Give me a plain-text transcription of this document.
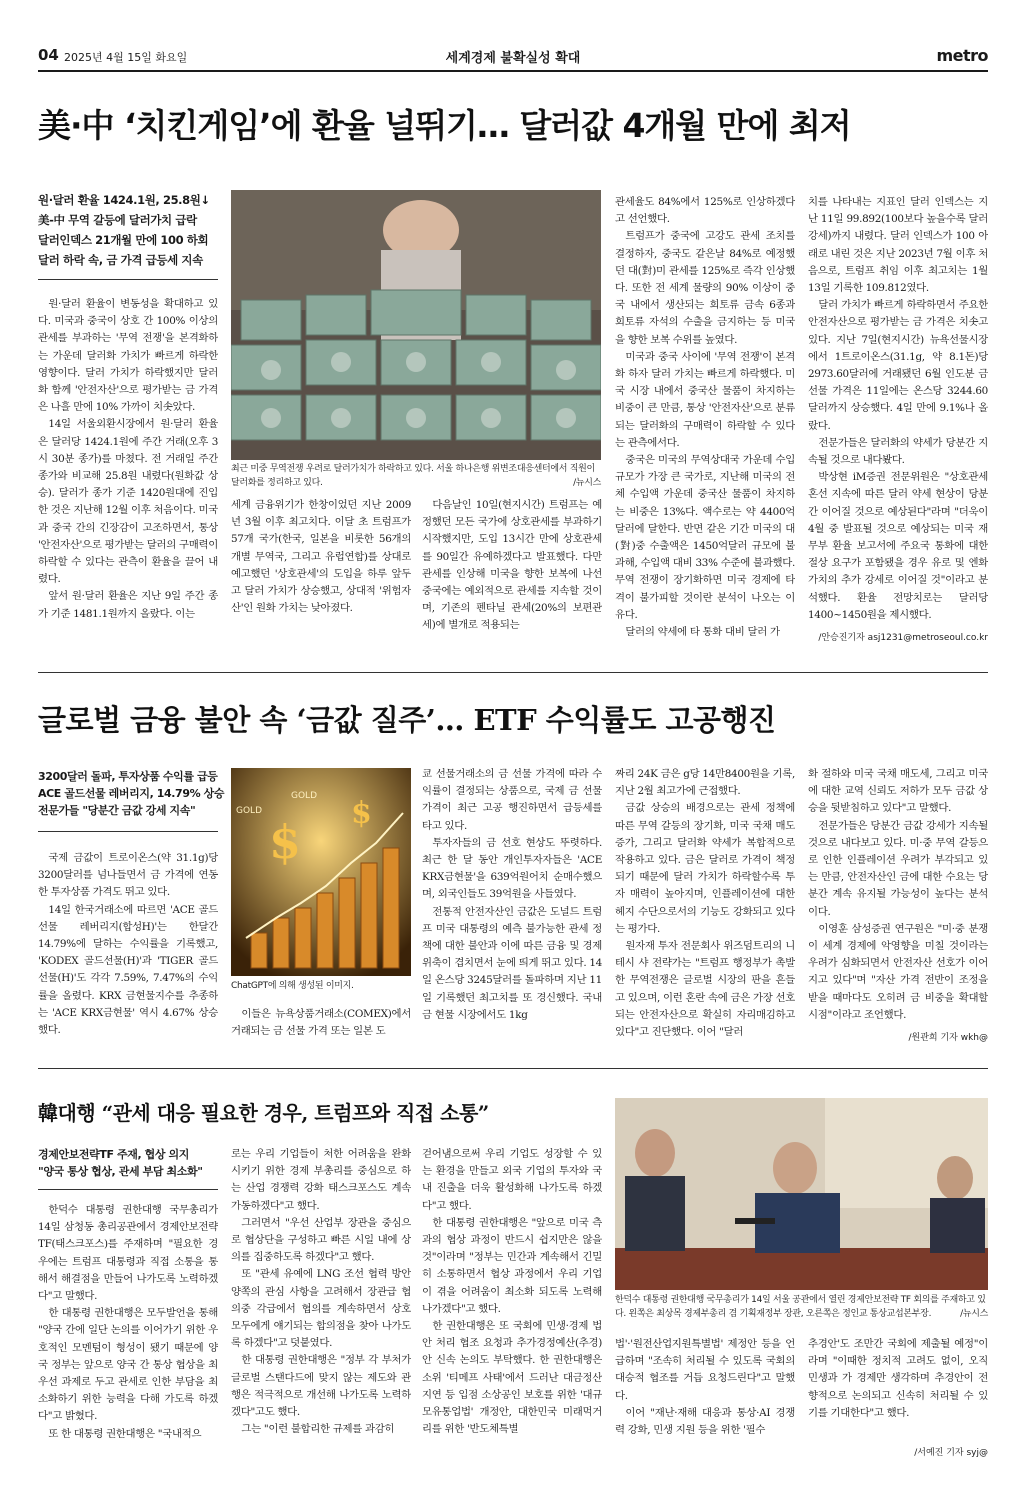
04 2025년 4월 15일 화요일	세계경제 불확실성 확대	metro
美·中 ‘치킨게임’에 환율 널뛰기… 달러값 4개월 만에 최저
원·달러 환율 1424.1원, 25.8원↓
美-中 무역 갈등에 달러가치 급락
달러인덱스 21개월 만에 100 하회
달러 하락 속, 금 가격 급등세 지속
최근 미중 무역전쟁 우려로 달러가치가 하락하고 있다. 서울 하나은행 위변조대응센터에서 직원이 달러화를 정리하고 있다.	/뉴시스

원·달러 환율이 변동성을 확대하고 있다. 미국과 중국이 상호 간 100% 이상의 관세를 부과하는 '무역 전쟁'을 본격화하는 가운데 달러화 가치가 빠르게 하락한 영향이다. 달러 가치가 하락했지만 달러화 함께 '안전자산'으로 평가받는 금 가격은 나흘 만에 10% 가까이 치솟았다.

14일 서울외환시장에서 원·달러 환율은 달러당 1424.1원에 주간 거래(오후 3시 30분 종가)를 마쳤다. 전 거래일 주간 종가와 비교해 25.8원 내렸다(원화값 상승). 달러가 종가 기준 1420원대에 진입한 것은 지난해 12월 이후 처음이다. 미국과 중국 간의 긴장감이 고조하면서, 통상 '안전자산'으로 평가받는 달러의 구매력이 하락할 수 있다는 관측이 환율을 끌어 내렸다.

앞서 원·달러 환율은 지난 9일 주간 종가 기준 1481.1원까지 올랐다. 이는

세계 금융위기가 한창이었던 지난 2009년 3월 이후 최고치다. 이달 초 트럼프가 57개 국가(한국, 일본을 비롯한 56개의 개별 무역국, 그리고 유럽연합)를 상대로 예고했던 '상호관세'의 도입을 하루 앞두고 달러 가치가 상승했고, 상대적 '위험자산'인 원화 가치는 낮아졌다.

다음날인 10일(현지시간) 트럼프는 예정했던 모든 국가에 상호관세를 부과하기 시작했지만, 도입 13시간 만에 상호관세를 90일간 유예하겠다고 발표했다. 다만 관세를 인상해 미국을 향한 보복에 나선 중국에는 예외적으로 관세를 지속할 것이며, 기존의 펜타닐 관세(20%의 보편관세)에 별개로 적용되는

관세율도 84%에서 125%로 인상하겠다고 선언했다.

트럼프가 중국에 고강도 관세 조치를 결정하자, 중국도 같은날 84%로 예정했던 대(對)미 관세를 125%로 즉각 인상했다. 또한 전 세계 물량의 90% 이상이 중국 내에서 생산되는 희토류 금속 6종과 희토류 자석의 수출을 금지하는 등 미국을 향한 보복 수위를 높였다.

미국과 중국 사이에 '무역 전쟁'이 본격화 하자 달러 가치는 빠르게 하락했다. 미국 시장 내에서 중국산 물품이 차지하는 비중이 큰 만큼, 통상 '안전자산'으로 분류되는 달러화의 구매력이 하락할 수 있다는 관측에서다.

중국은 미국의 무역상대국 가운데 수입 규모가 가장 큰 국가로, 지난해 미국의 전체 수입액 가운데 중국산 물품이 차지하는 비중은 13%다. 액수로는 약 4400억달러에 달한다. 반면 같은 기간 미국의 대(對)중 수출액은 1450억달러 규모에 불과해, 수입액 대비 33% 수준에 불과했다. 무역 전쟁이 장기화하면 미국 경제에 타격이 불가피할 것이란 분석이 나오는 이유다.

달러의 약세에 타 통화 대비 달러 가

치를 나타내는 지표인 달러 인덱스는 지난 11일 99.892(100보다 높을수록 달러 강세)까지 내렸다. 달러 인덱스가 100 아래로 내린 것은 지난 2023년 7월 이후 처음으로, 트럼프 취임 이후 최고치는 1월 13일 기록한 109.812였다.

달러 가치가 빠르게 하락하면서 주요한 안전자산으로 평가받는 금 가격은 치솟고 있다. 지난 7일(현지시간) 뉴욕선물시장에서 1트로이온스(31.1g, 약 8.1돈)당 2973.60달러에 거래됐던 6월 인도분 금 선물 가격은 11일에는 온스당 3244.60달러까지 상승했다. 4일 만에 9.1%나 올랐다.

전문가들은 달러화의 약세가 당분간 지속될 것으로 내다봤다.

박상현 iM증권 전문위원은 "상호관세 혼선 지속에 따른 달러 약세 현상이 당분간 이어질 것으로 예상된다"라며 "더욱이 4월 중 발표될 것으로 예상되는 미국 재무부 환율 보고서에 주요국 통화에 대한 절상 요구가 포함됐을 경우 유로 및 엔화 가치의 추가 강세로 이어질 것"이라고 분석했다. 환율 전망치로는 달러당 1400~1450원을 제시했다.

/안승진기자 asj1231@metroseoul.co.kr
글로벌 금융 불안 속 ‘금값 질주’… ETF 수익률도 고공행진
3200달러 돌파, 투자상품 수익률 급등
ACE 골드선물 레버리지, 14.79% 상승
전문가들 "당분간 금값 강세 지속"
$
$
GOLD
GOLD
ChatGPT에 의해 생성된 이미지.

국제 금값이 트로이온스(약 31.1g)당 3200달러를 넘나들면서 금 가격에 연동한 투자상품 가격도 뛰고 있다.

14일 한국거래소에 따르면 'ACE 골드선물 레버리지(합성H)'는 한달간 14.79%에 달하는 수익률을 기록했고, 'KODEX 골드선물(H)'과 'TIGER 골드선물(H)'도 각각 7.59%, 7.47%의 수익률을 올렸다. KRX 금현물지수를 추종하는 'ACE KRX금현물' 역시 4.67% 상승했다.

이들은 뉴욕상품거래소(COMEX)에서 거래되는 금 선물 가격 또는 일본 도

쿄 선물거래소의 금 선물 가격에 따라 수익률이 결정되는 상품으로, 국제 금 선물 가격이 최근 고공 행진하면서 급등세를 타고 있다.

투자자들의 금 선호 현상도 뚜렷하다. 최근 한 달 동안 개인투자자들은 'ACE KRX금현물'을 639억원어치 순매수했으며, 외국인들도 39억원을 사들였다.

전통적 안전자산인 금값은 도널드 트럼프 미국 대통령의 예측 불가능한 관세 정책에 대한 불안과 이에 따른 금융 및 경제 위축이 겹치면서 눈에 띄게 뛰고 있다. 14일 온스당 3245달러를 돌파하며 지난 11일 기록했던 최고치를 또 경신했다. 국내 금 현물 시장에서도 1kg

짜리 24K 금은 g당 14만8400원을 기록, 지난 2월 최고가에 근접했다.

금값 상승의 배경으로는 관세 정책에 따른 무역 갈등의 장기화, 미국 국채 매도 증가, 그리고 달러화 약세가 복합적으로 작용하고 있다. 금은 달러로 가격이 책정되기 때문에 달러 가치가 하락할수록 투자 매력이 높아지며, 인플레이션에 대한 헤지 수단으로서의 기능도 강화되고 있다는 평가다.

원자재 투자 전문회사 위즈덤트리의 니테시 샤 전략가는 "트럼프 행정부가 촉발한 무역전쟁은 글로벌 시장의 판을 흔들고 있으며, 이런 혼란 속에 금은 가장 선호되는 안전자산으로 확실히 자리매김하고 있다"고 진단했다. 이어 "달러

화 절하와 미국 국채 매도세, 그리고 미국에 대한 교역 신뢰도 저하가 모두 금값 상승을 뒷받침하고 있다"고 말했다.

전문가들은 당분간 금값 강세가 지속될 것으로 내다보고 있다. 미·중 무역 갈등으로 인한 인플레이션 우려가 부각되고 있는 만큼, 안전자산인 금에 대한 수요는 당분간 계속 유지될 가능성이 높다는 분석이다.

이영훈 삼성증권 연구원은 "미·중 분쟁이 세계 경제에 악영향을 미칠 것이라는 우려가 심화되면서 안전자산 선호가 이어지고 있다"며 "자산 가격 전반이 조정을 받을 때마다도 오히려 금 비중을 확대할 시점"이라고 조언했다.

/원관희 기자 wkh@
韓대행 “관세 대응 필요한 경우, 트럼프와 직접 소통”
경제안보전략TF 주재, 협상 의지
"양국 통상 협상, 관세 부담 최소화"
한덕수 대통령 권한대행 국무총리가 14일 서울 공관에서 열린 경제안보전략 TF 회의를 주재하고 있다. 왼쪽은 최상목 경제부총리 겸 기획재정부 장관, 오른쪽은 정인교 통상교섭본부장.	/뉴시스

한덕수 대통령 권한대행 국무총리가 14일 삼청동 총리공관에서 경제안보전략TF(태스크포스)를 주재하며 "필요한 경우에는 트럼프 대통령과 직접 소통을 통해서 해결점을 만들어 나가도록 노력하겠다"고 말했다.

한 대통령 권한대행은 모두발언을 통해 "양국 간에 일단 논의를 이어가기 위한 우호적인 모멘텀이 형성이 됐기 때문에 양국 정부는 앞으로 양국 간 통상 협상을 최우선 과제로 두고 관세로 인한 부담을 최소화하기 위한 능력을 다해 가도록 하겠다"고 밝혔다.

또 한 대통령 권한대행은 "국내적으

로는 우리 기업들이 처한 어려움을 완화시키기 위한 경제 부총리를 중심으로 하는 산업 경쟁력 강화 태스크포스도 계속 가동하겠다"고 했다.

그러면서 "우선 산업부 장관을 중심으로 협상단을 구성하고 빠른 시일 내에 상의를 집중하도록 하겠다"고 했다.

또 "관세 유예에 LNG 조선 협력 방안 양쪽의 관심 사항을 고려해서 장관급 협의중 각급에서 협의를 계속하면서 상호 모두에게 얘기되는 합의점을 찾아 나가도록 하겠다"고 덧붙였다.

한 대통령 권한대행은 "정부 각 부처가 글로벌 스탠다드에 맞지 않는 제도와 관행은 적극적으로 개선해 나가도록 노력하겠다"고도 했다.

그는 "이런 불합리한 규제를 과감히

걷어냄으로써 우리 기업도 성장할 수 있는 환경을 만들고 외국 기업의 투자와 국내 진출을 더욱 활성화해 나가도록 하겠다"고 했다.

한 대통령 권한대행은 "앞으로 미국 측과의 협상 과정이 반드시 쉽지만은 않을 것"이라며 "정부는 민간과 계속해서 긴밀히 소통하면서 협상 과정에서 우리 기업이 겪을 어려움이 최소화 되도록 노력해 나가겠다"고 했다.

한 권한대행은 또 국회에 민생·경제 법안 처리 협조 요청과 추가경정예산(추경)안 신속 논의도 부탁했다. 한 권한대행은 소위 '티메프 사태'에서 드러난 대금정산 지연 등 입점 소상공인 보호를 위한 '대규모유통업법' 개정안, 대한민국 미래먹거리를 위한 '반도체특별

법'·'원전산업지원특별법' 제정안 등을 언급하며 "조속히 처리될 수 있도록 국회의 대승적 협조를 거듭 요청드린다"고 말했다.

이어 "재난·재해 대응과 통상·AI 경쟁력 강화, 민생 지원 등을 위한 '필수

추경안'도 조만간 국회에 제출될 예정"이라며 "이때한 정치적 고려도 없이, 오직 민생과 가 경제만 생각하며 추경안이 전향적으로 논의되고 신속히 처리될 수 있기를 기대한다"고 했다.

/서예진 기자 syj@
